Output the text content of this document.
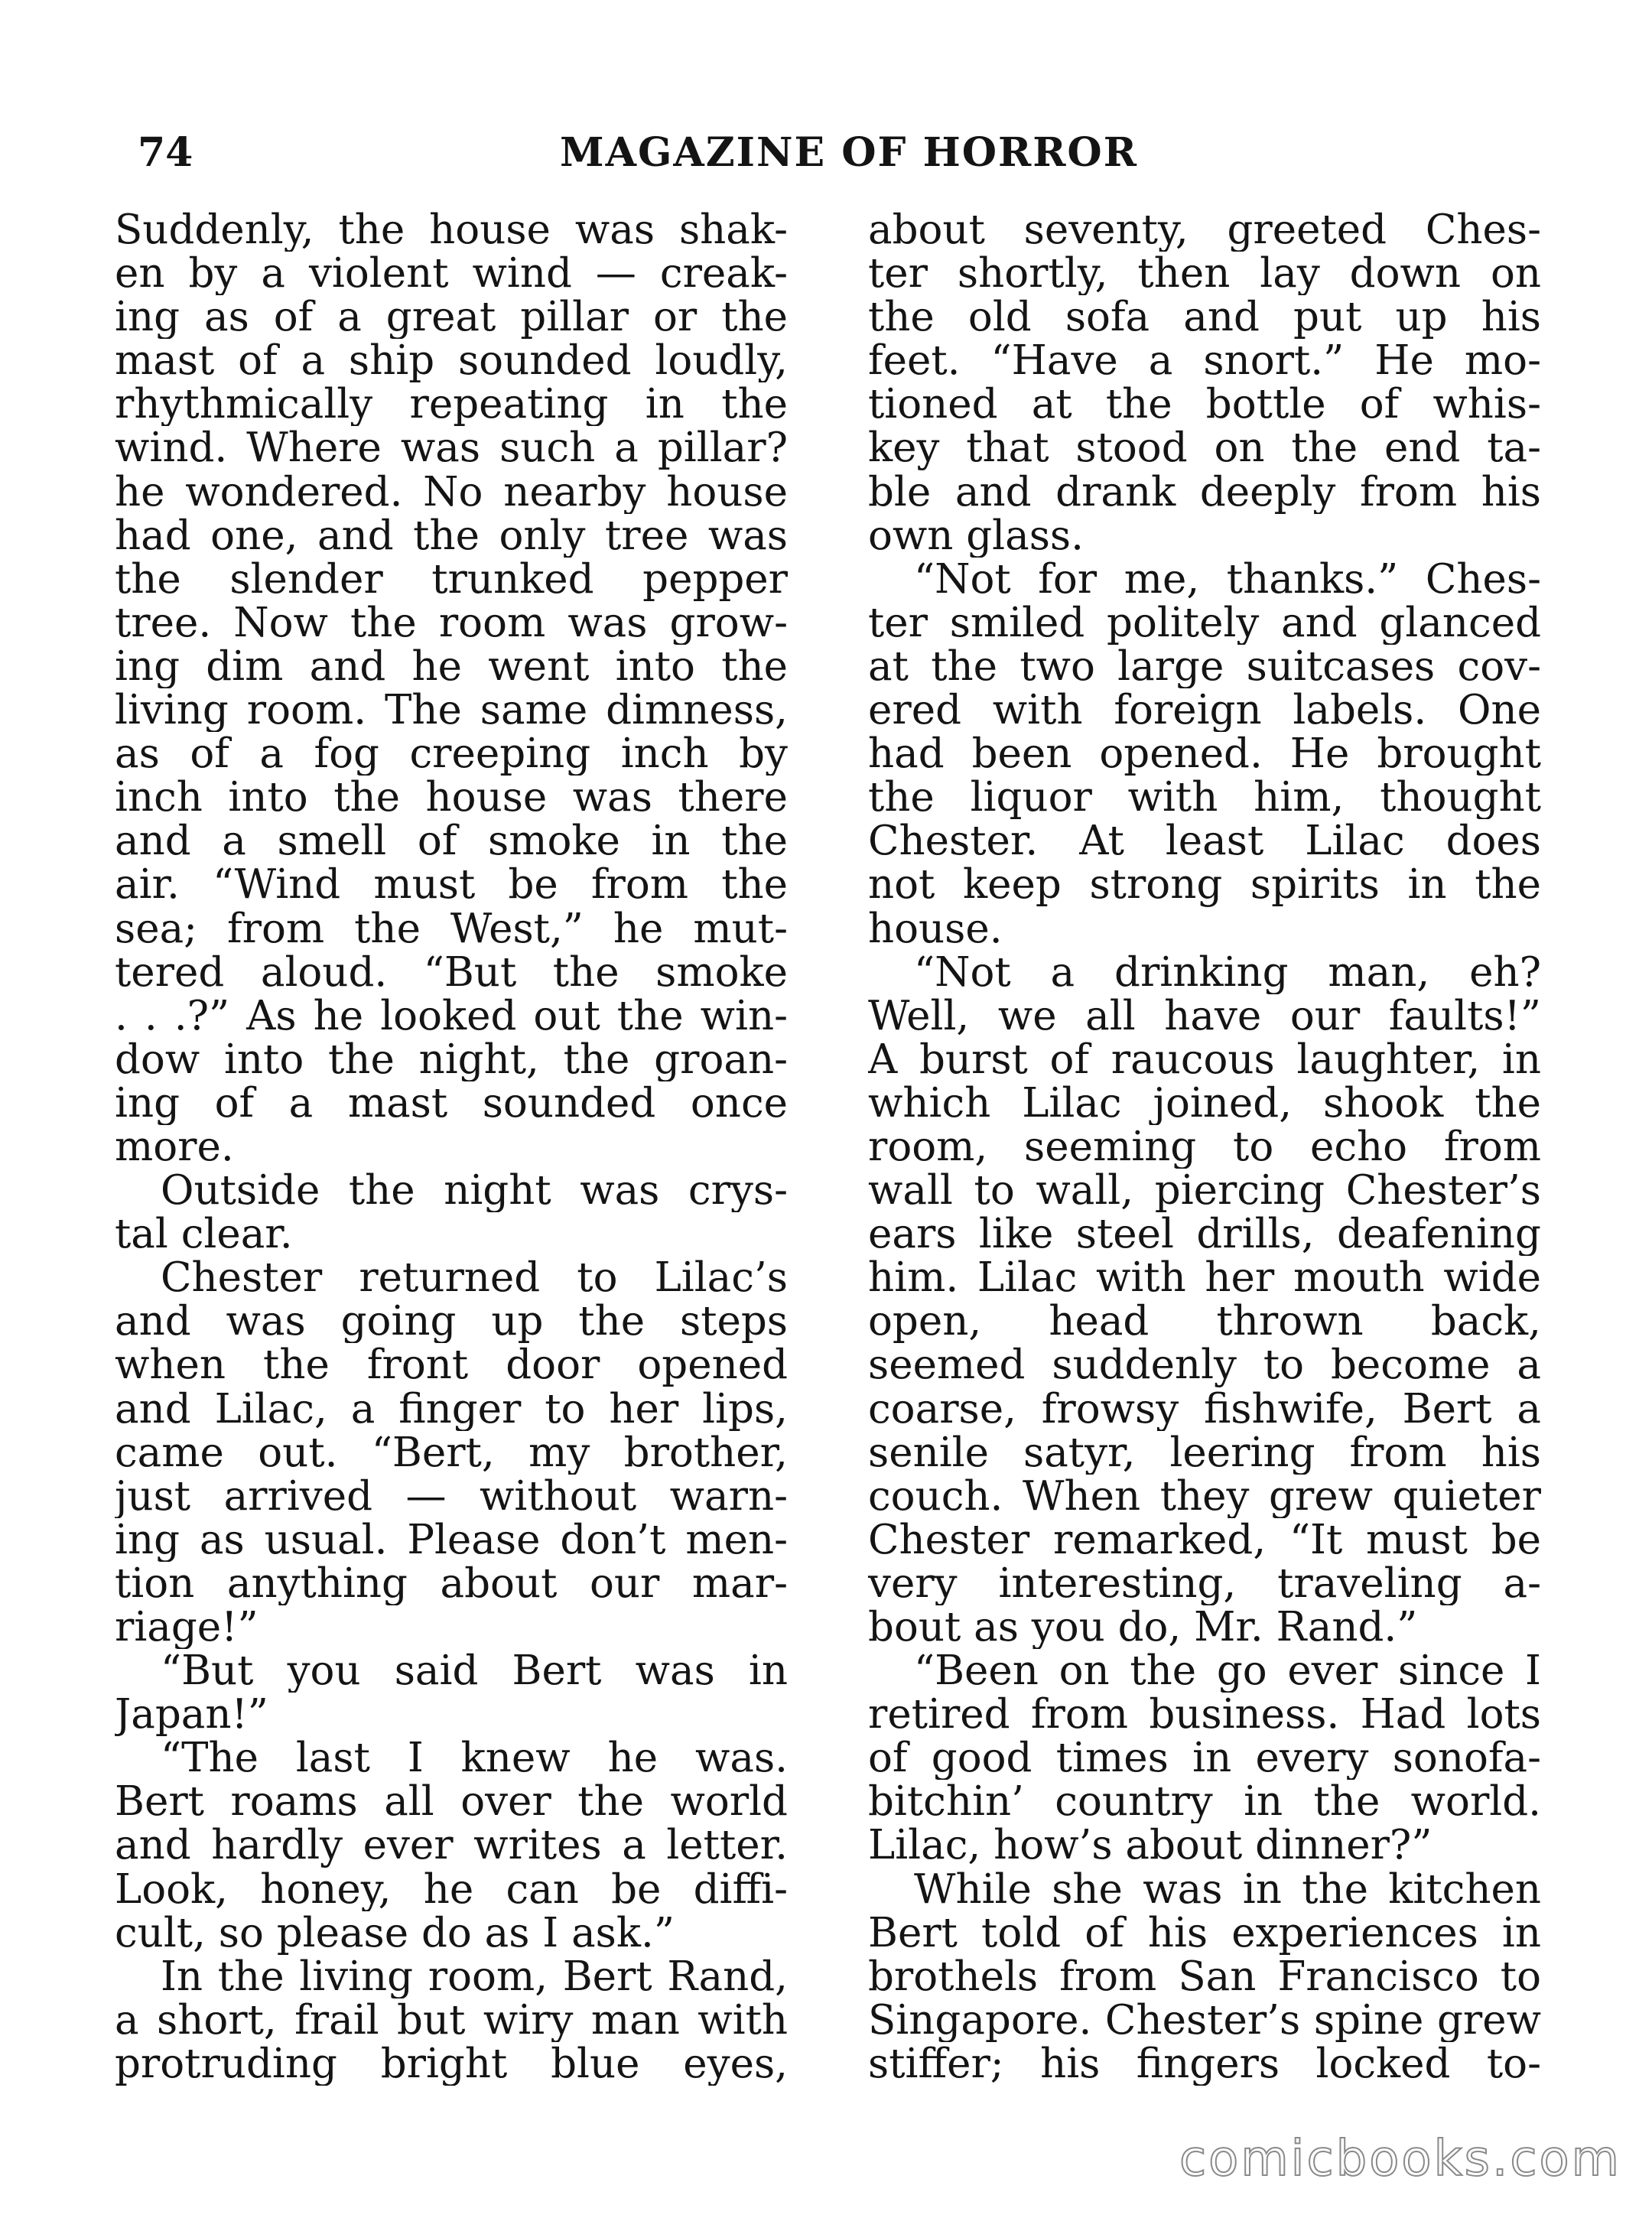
74	MAGAZINE OF HORROR
Suddenly, the house was shak-
en by a violent wind — creak-
ing as of a great pillar or the
mast of a ship sounded loudly,
rhythmically repeating in the
wind. Where was such a pillar?
he wondered. No nearby house
had one, and the only tree was
the slender trunked pepper
tree. Now the room was grow-
ing dim and he went into the
living room. The same dimness,
as of a fog creeping inch by
inch into the house was there
and a smell of smoke in the
air. “Wind must be from the
sea; from the West,” he mut-
tered aloud. “But the smoke
. . .?” As he looked out the win-
dow into the night, the groan-
ing of a mast sounded once
more.
Outside the night was crys-
tal clear.
Chester returned to Lilac’s
and was going up the steps
when the front door opened
and Lilac, a finger to her lips,
came out. “Bert, my brother,
just arrived — without warn-
ing as usual. Please don’t men-
tion anything about our mar-
riage!”
“But you said Bert was in
Japan!”
“The last I knew he was.
Bert roams all over the world
and hardly ever writes a letter.
Look, honey, he can be diffi-
cult, so please do as I ask.”
In the living room, Bert Rand,
a short, frail but wiry man with
protruding bright blue eyes,
about seventy, greeted Ches-
ter shortly, then lay down on
the old sofa and put up his
feet. “Have a snort.” He mo-
tioned at the bottle of whis-
key that stood on the end ta-
ble and drank deeply from his
own glass.
“Not for me, thanks.” Ches-
ter smiled politely and glanced
at the two large suitcases cov-
ered with foreign labels. One
had been opened. He brought
the liquor with him, thought
Chester. At least Lilac does
not keep strong spirits in the
house.
“Not a drinking man, eh?
Well, we all have our faults!”
A burst of raucous laughter, in
which Lilac joined, shook the
room, seeming to echo from
wall to wall, piercing Chester’s
ears like steel drills, deafening
him. Lilac with her mouth wide
open, head thrown back,
seemed suddenly to become a
coarse, frowsy fishwife, Bert a
senile satyr, leering from his
couch. When they grew quieter
Chester remarked, “It must be
very interesting, traveling a-
bout as you do, Mr. Rand.”
“Been on the go ever since I
retired from business. Had lots
of good times in every sonofa-
bitchin’ country in the world.
Lilac, how’s about dinner?”
While she was in the kitchen
Bert told of his experiences in
brothels from San Francisco to
Singapore. Chester’s spine grew
stiffer; his fingers locked to-
comicbooks.com
